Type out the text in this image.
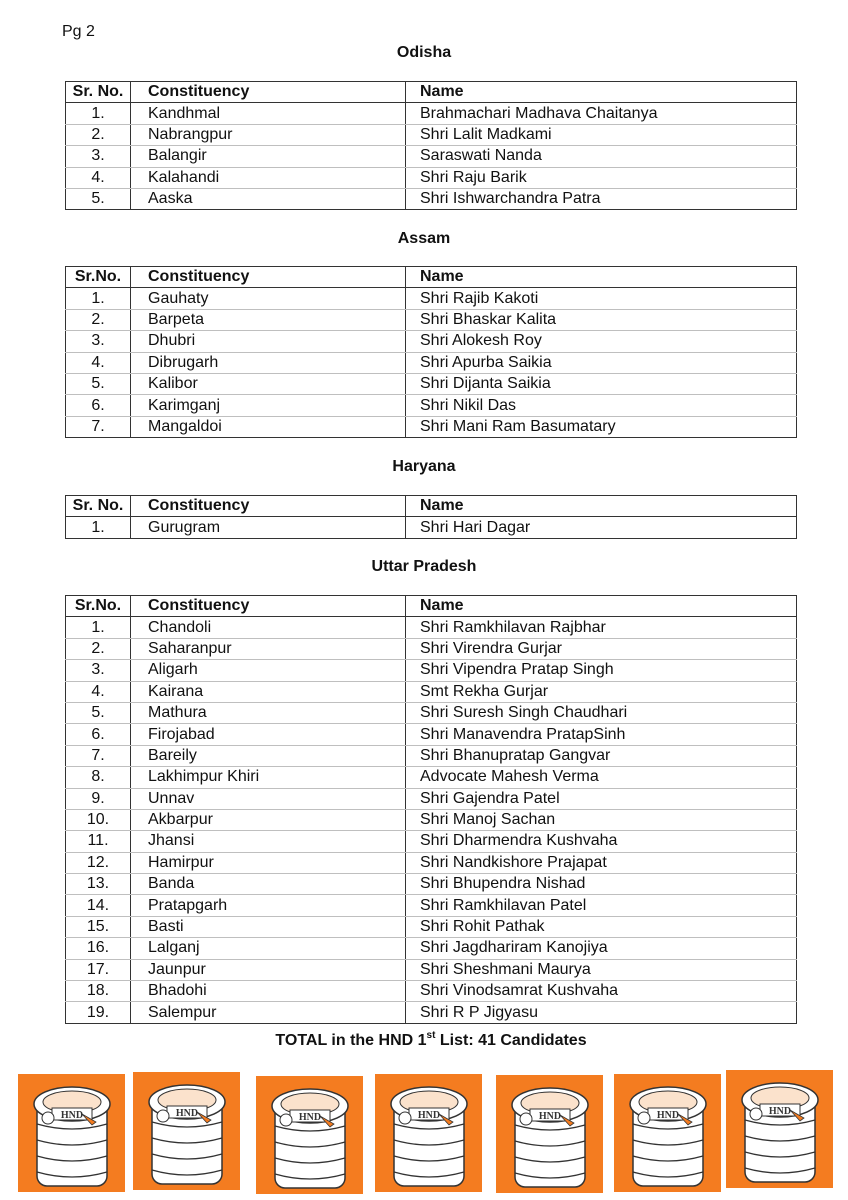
Pg 2
Odisha
Sr. No.	Constituency	Name
1.	Kandhmal	Brahmachari Madhava Chaitanya
2.	Nabrangpur	Shri Lalit Madkami
3.	Balangir	Saraswati Nanda
4.	Kalahandi	Shri Raju Barik
5.	Aaska	Shri Ishwarchandra Patra
Assam
Sr.No.	Constituency	Name
1.	Gauhaty	Shri Rajib Kakoti
2.	Barpeta	Shri Bhaskar Kalita
3.	Dhubri	Shri Alokesh Roy
4.	Dibrugarh	Shri Apurba Saikia
5.	Kalibor	Shri Dijanta Saikia
6.	Karimganj	Shri Nikil Das
7.	Mangaldoi	Shri Mani Ram Basumatary
Haryana
Sr. No.	Constituency	Name
1.	Gurugram	Shri Hari Dagar
Uttar Pradesh
Sr.No.	Constituency	Name
1.	Chandoli	Shri Ramkhilavan Rajbhar
2.	Saharanpur	Shri Virendra Gurjar
3.	Aligarh	Shri Vipendra Pratap Singh
4.	Kairana	Smt Rekha Gurjar
5.	Mathura	Shri Suresh Singh Chaudhari
6.	Firojabad	Shri Manavendra PratapSinh
7.	Bareily	Shri Bhanupratap Gangvar
8.	Lakhimpur Khiri	Advocate Mahesh Verma
9.	Unnav	Shri Gajendra Patel
10.	Akbarpur	Shri Manoj Sachan
11.	Jhansi	Shri Dharmendra Kushvaha
12.	Hamirpur	Shri Nandkishore Prajapat
13.	Banda	Shri Bhupendra Nishad
14.	Pratapgarh	Shri Ramkhilavan Patel
15.	Basti	Shri Rohit Pathak
16.	Lalganj	Shri Jagdhariram Kanojiya
17.	Jaunpur	Shri Sheshmani Maurya
18.	Bhadohi	Shri Vinodsamrat Kushvaha
19.	Salempur	Shri R P Jigyasu
TOTAL in the HND 1st List: 41 Candidates
HND	HND	HND	HND	HND	HND	HND
